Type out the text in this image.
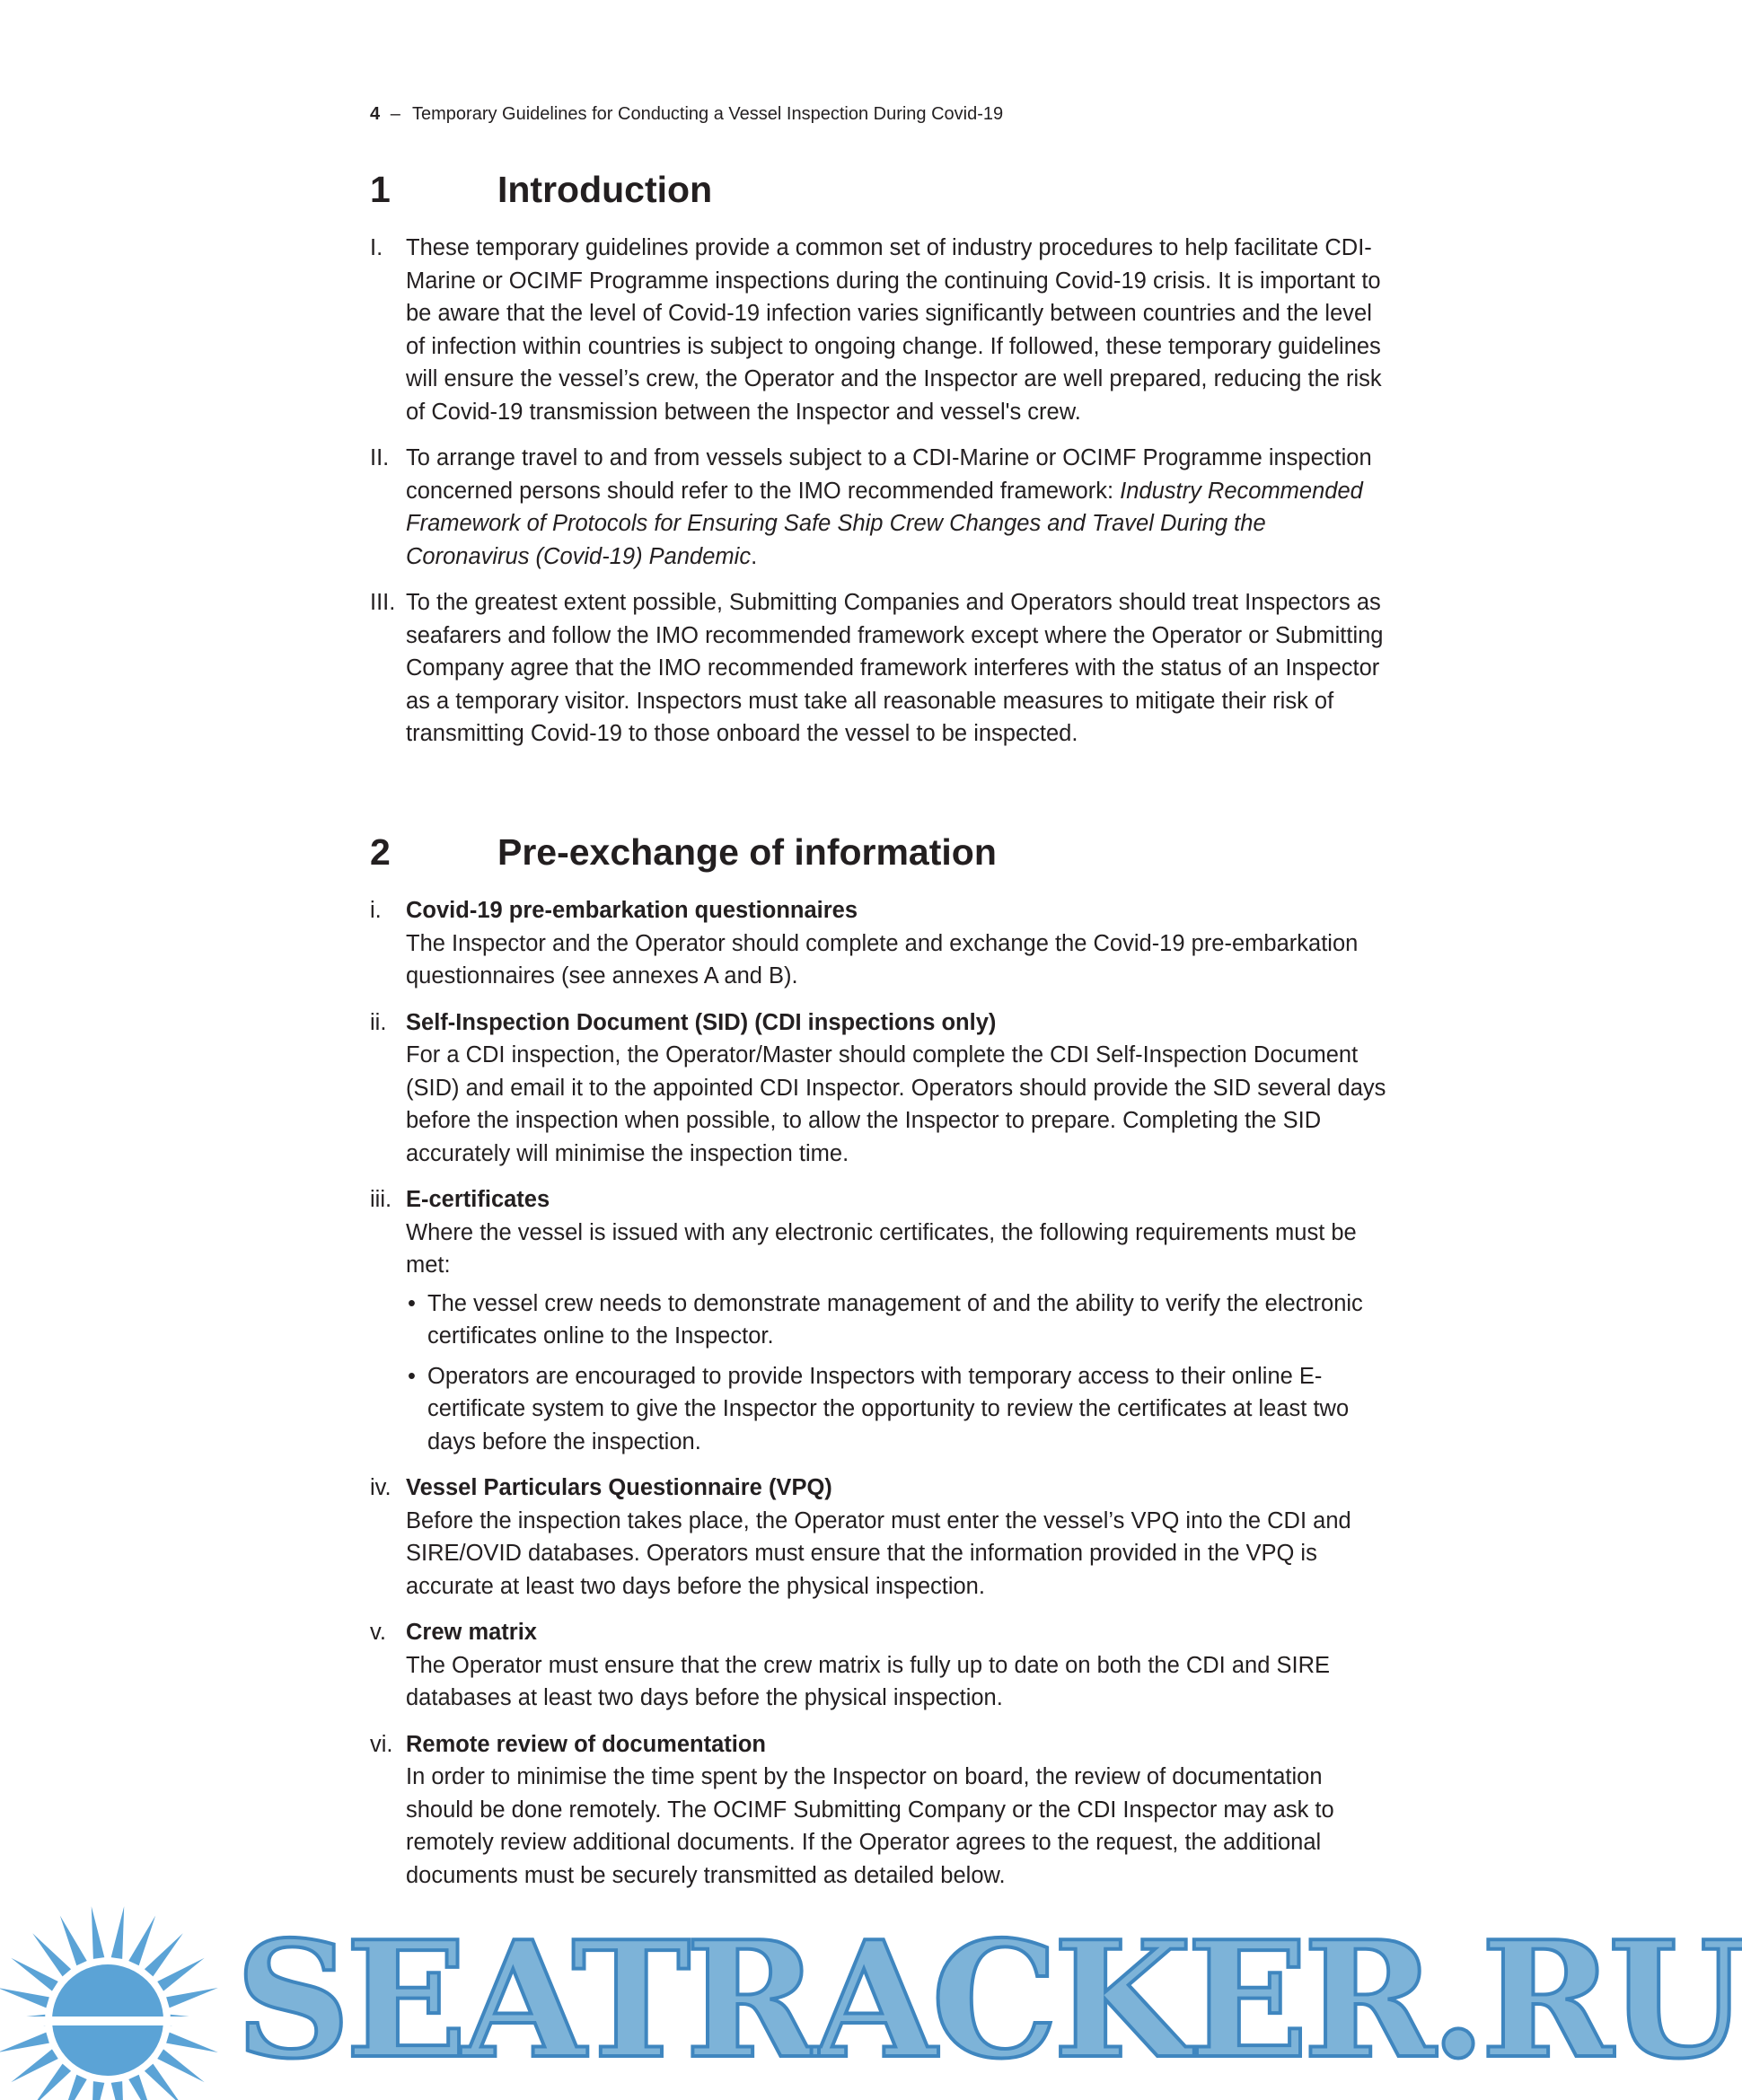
4 – Temporary Guidelines for Conducting a Vessel Inspection During Covid-19
1	Introduction

I. These temporary guidelines provide a common set of industry procedures to help facilitate CDI-Marine or OCIMF Programme inspections during the continuing Covid-19 crisis. It is important to be aware that the level of Covid-19 infection varies significantly between countries and the level of infection within countries is subject to ongoing change. If followed, these temporary guidelines will ensure the vessel’s crew, the Operator and the Inspector are well prepared, reducing the risk of Covid-19 transmission between the Inspector and vessel's crew.

II. To arrange travel to and from vessels subject to a CDI-Marine or OCIMF Programme inspection concerned persons should refer to the IMO recommended framework: Industry Recommended Framework of Protocols for Ensuring Safe Ship Crew Changes and Travel During the Coronavirus (Covid-19) Pandemic.

III. To the greatest extent possible, Submitting Companies and Operators should treat Inspectors as seafarers and follow the IMO recommended framework except where the Operator or Submitting Company agree that the IMO recommended framework interferes with the status of an Inspector as a temporary visitor. Inspectors must take all reasonable measures to mitigate their risk of transmitting Covid-19 to those onboard the vessel to be inspected.

2	Pre-exchange of information
i. Covid-19 pre-embarkation questionnaires
The Inspector and the Operator should complete and exchange the Covid-19 pre-embarkation questionnaires (see annexes A and B).
ii. Self-Inspection Document (SID) (CDI inspections only)
For a CDI inspection, the Operator/Master should complete the CDI Self-Inspection Document (SID) and email it to the appointed CDI Inspector. Operators should provide the SID several days before the inspection when possible, to allow the Inspector to prepare. Completing the SID accurately will minimise the inspection time.
iii. E-certificates
Where the vessel is issued with any electronic certificates, the following requirements must be met:
• The vessel crew needs to demonstrate management of and the ability to verify the electronic certificates online to the Inspector.
• Operators are encouraged to provide Inspectors with temporary access to their online E-certificate system to give the Inspector the opportunity to review the certificates at least two days before the inspection.
iv. Vessel Particulars Questionnaire (VPQ)
Before the inspection takes place, the Operator must enter the vessel’s VPQ into the CDI and SIRE/OVID databases. Operators must ensure that the information provided in the VPQ is accurate at least two days before the physical inspection.
v. Crew matrix
The Operator must ensure that the crew matrix is fully up to date on both the CDI and SIRE databases at least two days before the physical inspection.
vi. Remote review of documentation
In order to minimise the time spent by the Inspector on board, the review of documentation should be done remotely. The OCIMF Submitting Company or the CDI Inspector may ask to remotely review additional documents. If the Operator agrees to the request, the additional documents must be securely transmitted as detailed below.
SEATRACKER.RU
